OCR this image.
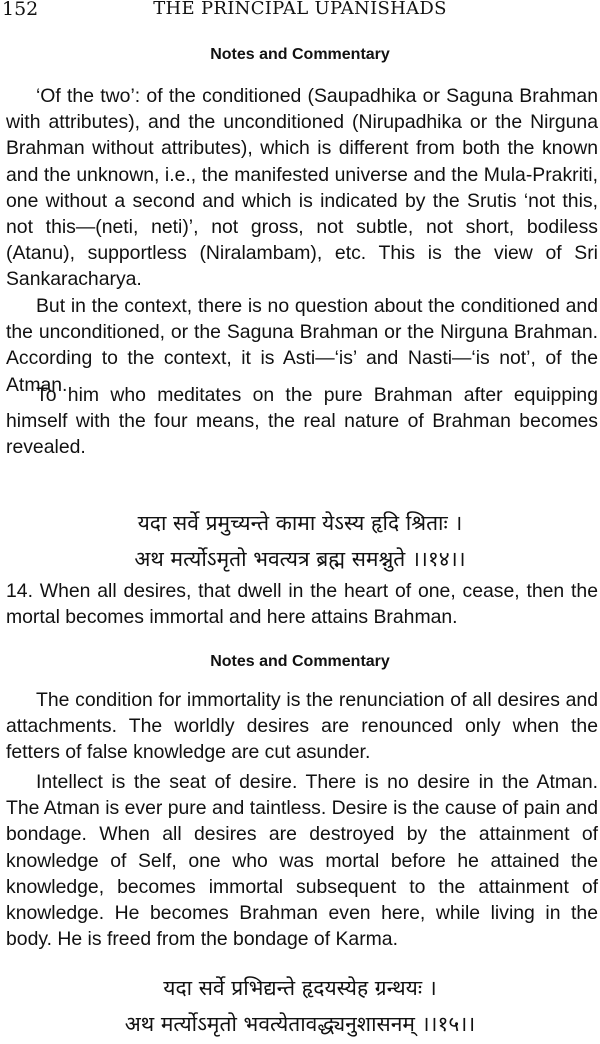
152	THE PRINCIPAL UPANISHADS
Notes and Commentary

‘Of the two’: of the conditioned (Saupadhika or Saguna Brahman with attributes), and the unconditioned (Nirupadhika or the Nirguna Brahman without attributes), which is different from both the known and the unknown, i.e., the manifested universe and the Mula-Prakriti, one without a second and which is indicated by the Srutis ‘not this, not this—(neti, neti)’, not gross, not subtle, not short, bodiless (Atanu), supportless (Niralambam), etc. This is the view of Sri Sankaracharya.

But in the context, there is no question about the conditioned and the unconditioned, or the Saguna Brahman or the Nirguna Brahman. According to the context, it is Asti—‘is’ and Nasti—‘is not’, of the Atman.

To him who meditates on the pure Brahman after equipping himself with the four means, the real nature of Brahman becomes revealed.

यदा सर्वे प्रमुच्यन्ते कामा येऽस्य हृदि श्रिताः ।
अथ मर्त्योऽमृतो भवत्यत्र ब्रह्म समश्नुते ।।१४।।

14. When all desires, that dwell in the heart of one, cease, then the mortal becomes immortal and here attains Brahman.

Notes and Commentary

The condition for immortality is the renunciation of all desires and attachments. The worldly desires are renounced only when the fetters of false knowledge are cut asunder.

Intellect is the seat of desire. There is no desire in the Atman. The Atman is ever pure and taintless. Desire is the cause of pain and bondage. When all desires are destroyed by the attainment of knowledge of Self, one who was mortal before he attained the knowledge, becomes immortal subsequent to the attainment of knowledge. He becomes Brahman even here, while living in the body. He is freed from the bondage of Karma.

यदा सर्वे प्रभिद्यन्ते हृदयस्येह ग्रन्थयः ।
अथ मर्त्योऽमृतो भवत्येतावद्ध्यनुशासनम् ।।१५।।
